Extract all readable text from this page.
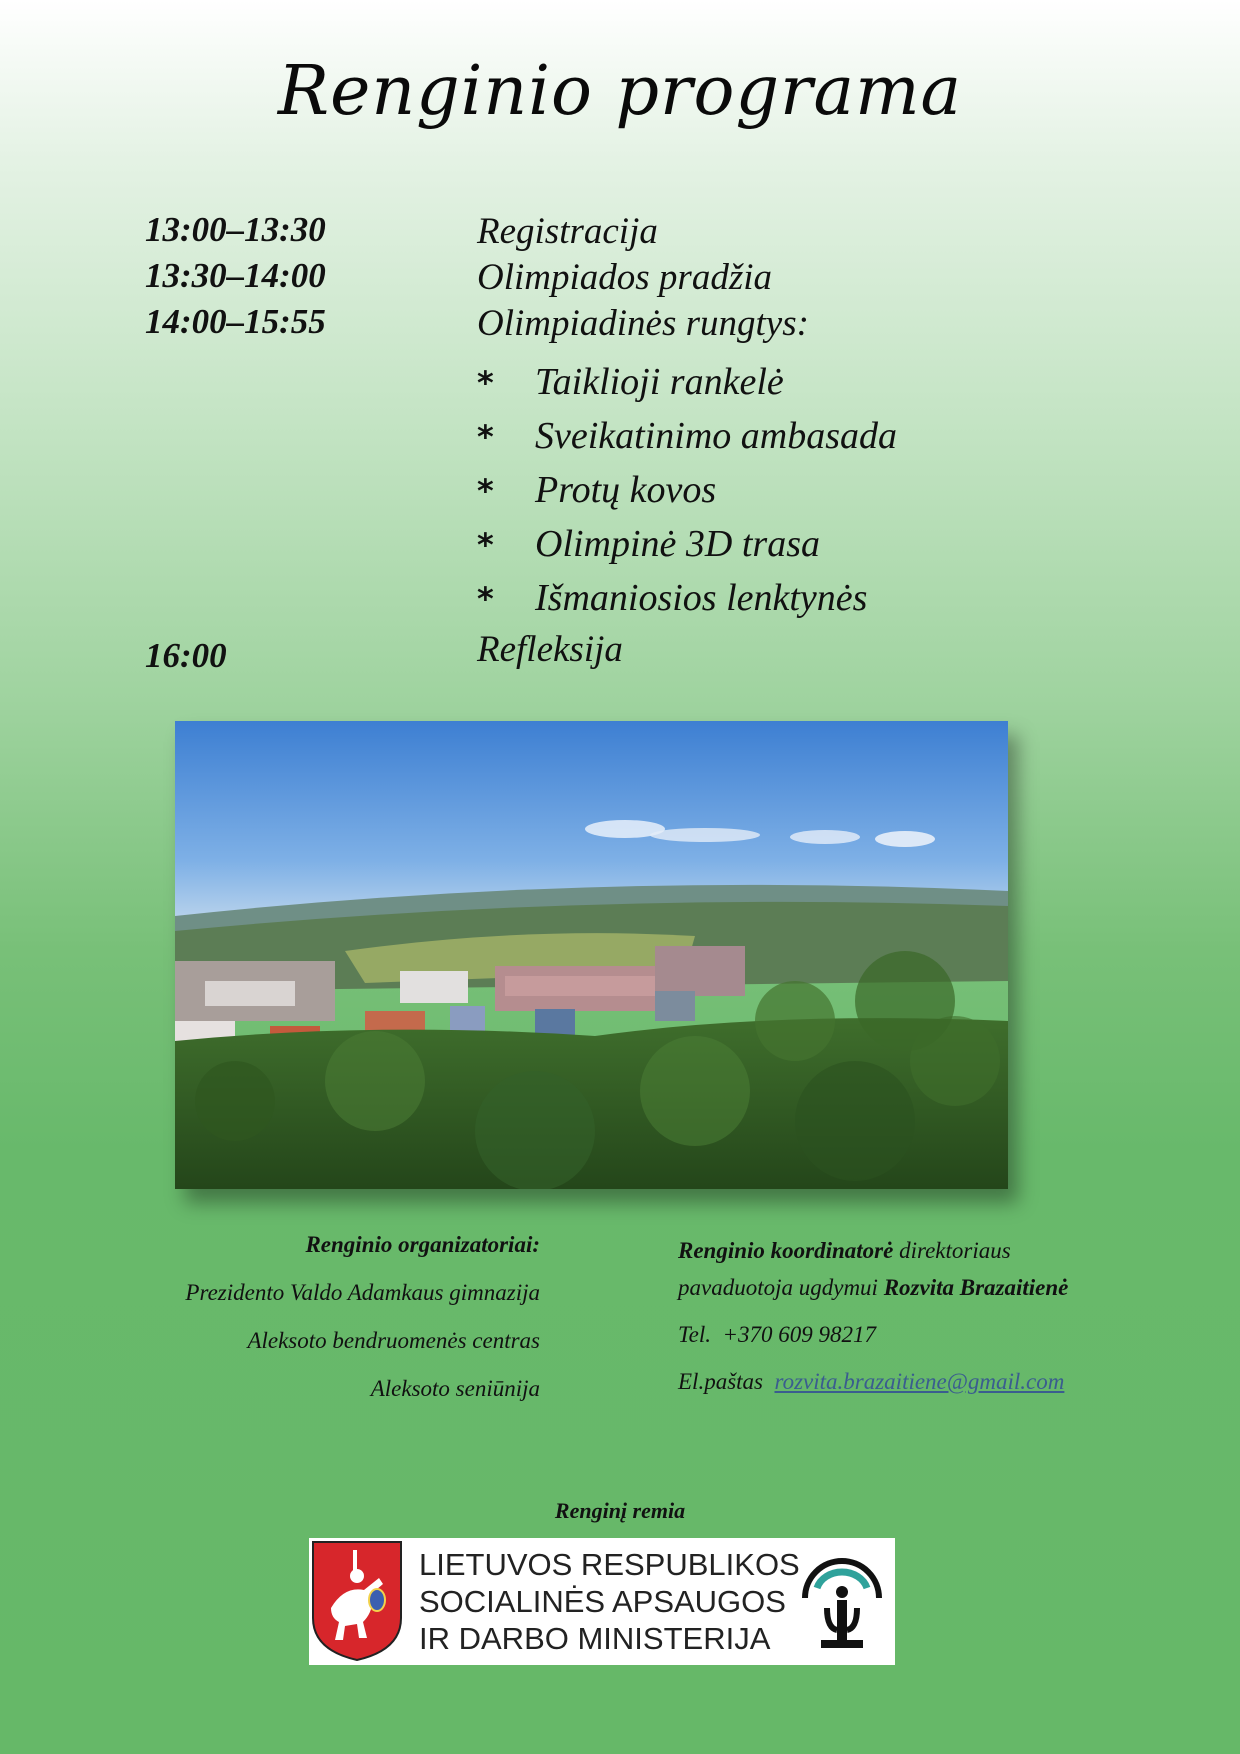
Renginio programa
13:00–13:30	Registracija
13:30–14:00	Olimpiados pradžia
14:00–15:55	Olimpiadinės rungtys:
* Taiklioji rankelė
* Sveikatinimo ambasada
* Protų kovos
* Olimpinė 3D trasa
* Išmaniosios lenktynės
16:00	Refleksija
Renginio organizatoriai:
Prezidento Valdo Adamkaus gimnazija
Aleksoto bendruomenės centras
Aleksoto seniūnija
Renginio koordinatorė direktoriaus
pavaduotoja ugdymui Rozvita Brazaitienė
Tel. +370 609 98217
El.paštas rozvita.brazaitiene@gmail.com
Renginį remia
LIETUVOS RESPUBLIKOS
SOCIALINĖS APSAUGOS
IR DARBO MINISTERIJA
